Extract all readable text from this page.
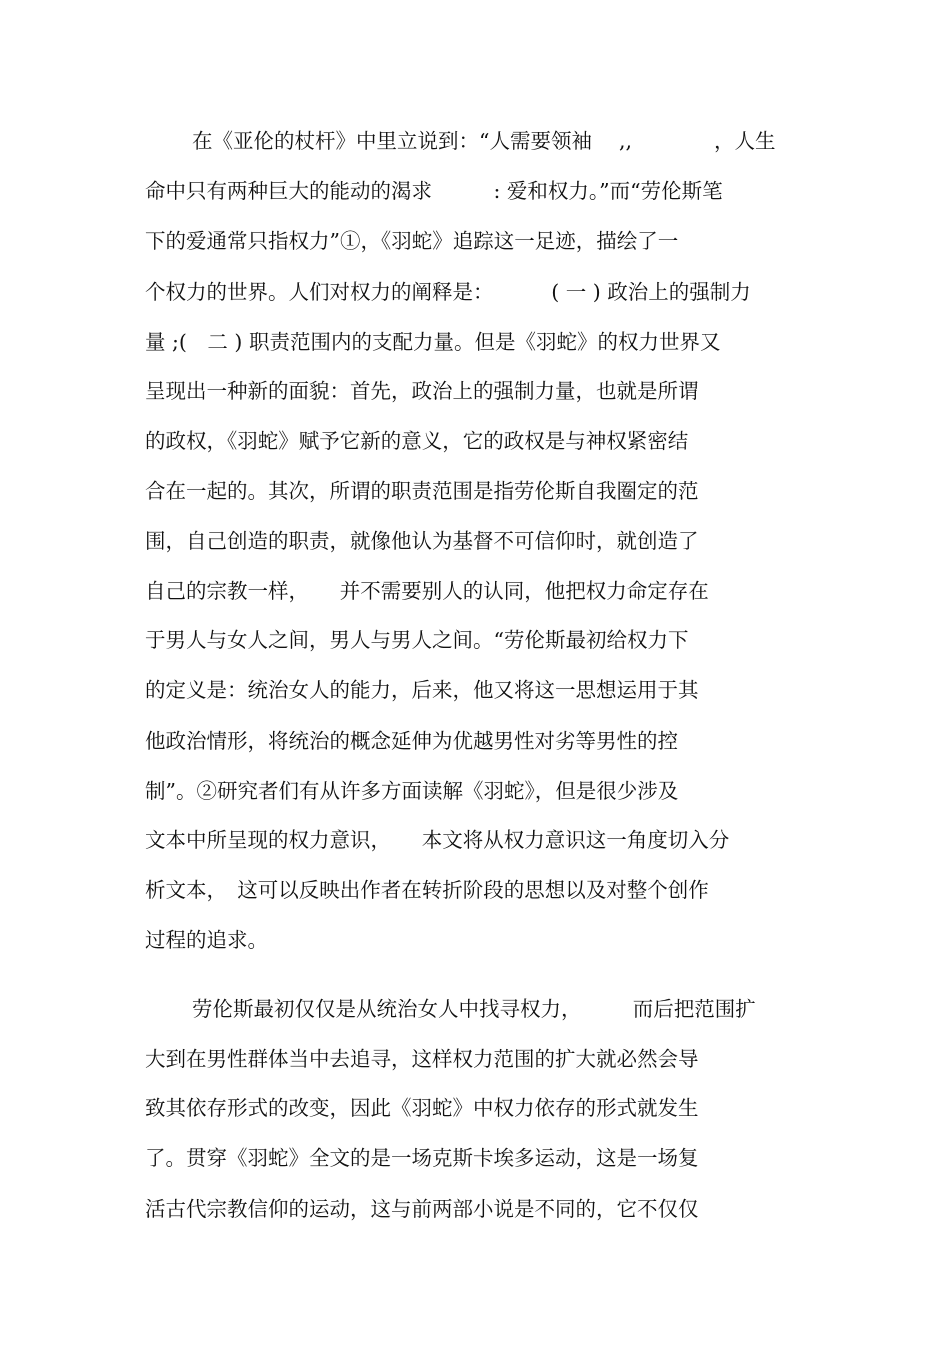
在《亚伦的杖杆》中里立说到：“人需要领袖　 ,,　　　　，人生
命中只有两种巨大的能动的渴求　　　: 爱和权力。”而“劳伦斯笔
下的爱通常只指权力”①，《羽蛇》追踪这一足迹，描绘了一
个权力的世界。人们对权力的阐释是：　　　 ( 一 ) 政治上的强制力
量 ;(　二 ) 职责范围内的支配力量。但是《羽蛇》的权力世界又
呈现出一种新的面貌：首先，政治上的强制力量，也就是所谓
的政权，《羽蛇》赋予它新的意义，它的政权是与神权紧密结
合在一起的。其次，所谓的职责范围是指劳伦斯自我圈定的范
围，自己创造的职责，就像他认为基督不可信仰时，就创造了
自己的宗教一样，　　并不需要别人的认同，他把权力命定存在
于男人与女人之间，男人与男人之间。“劳伦斯最初给权力下
的定义是：统治女人的能力，后来，他又将这一思想运用于其
他政治情形，将统治的概念延伸为优越男性对劣等男性的控
制”。②研究者们有从许多方面读解《羽蛇》，但是很少涉及
文本中所呈现的权力意识，　　本文将从权力意识这一角度切入分
析文本，　这可以反映出作者在转折阶段的思想以及对整个创作
过程的追求。
劳伦斯最初仅仅是从统治女人中找寻权力，　　　而后把范围扩
大到在男性群体当中去追寻，这样权力范围的扩大就必然会导
致其依存形式的改变，因此《羽蛇》中权力依存的形式就发生
了。贯穿《羽蛇》全文的是一场克斯卡埃多运动，这是一场复
活古代宗教信仰的运动，这与前两部小说是不同的，它不仅仅
